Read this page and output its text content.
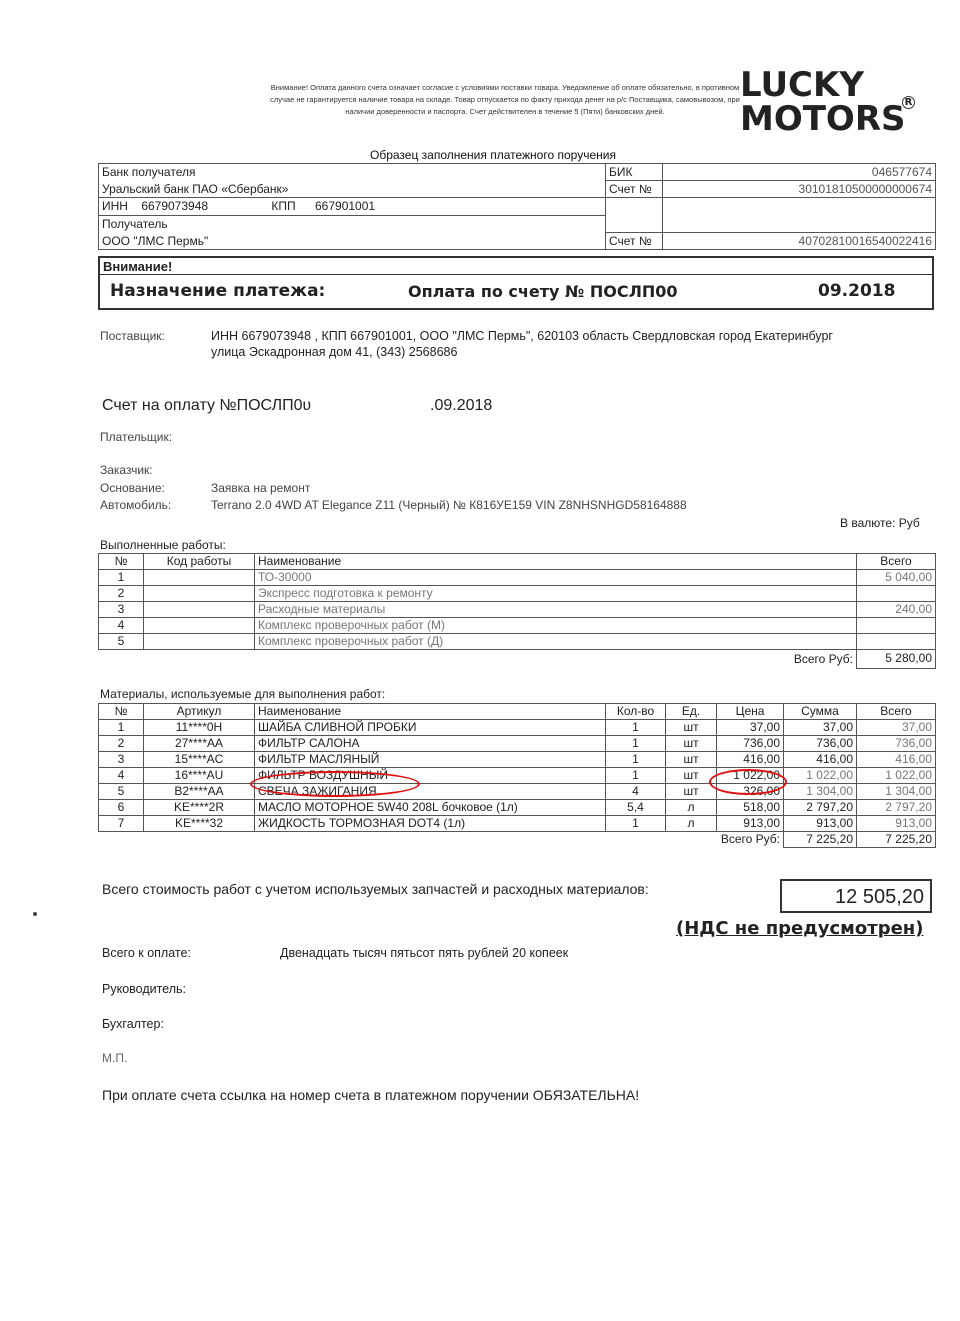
Внимание! Оплата данного счета означает согласие с условиями поставки товара. Уведомление об оплате обязательно, в противном случае не гарантируется наличие товара на складе. Товар отпускается по факту прихода денег на р/с Поставщика, самовывозом, при наличии доверенности и паспорта. Счет действителен в течение 5 (Пяти) банковских дней.
LUCKY
MOTORS R
Образец заполнения платежного поручения
Банк получателя	БИК	046577674
Уральский банк ПАО «Сбербанк»	Счет №	30101810500000000674
ИНН 6679073948 КПП 667901001		
Получатель		
ООО "ЛМС Пермь"	Счет №	40702810016540022416
Внимание!
Назначение платежа:	Оплата по счету № ПОСЛП00	09.2018
Поставщик:	ИНН 6679073948 , КПП 667901001, ООО "ЛМС Пермь", 620103 область Свердловская город Екатеринбург
улица Эскадронная дом 41, (343) 2568686
Счет на оплату №ПОСЛП0ʋ	.09.2018
Плательщик:
Заказчик:
Основание:	Заявка на ремонт
Автомобиль:	Terrano 2.0 4WD AT Elegance Z11 (Черный) № К816УЕ159 VIN Z8NHSNHGD58164888
В валюте: Руб
Выполненные работы:
№	Код работы	Наименование	Всего
1		ТО-30000	5 040,00
2		Экспресс подготовка к ремонту	
3		Расходные материалы	240,00
4		Комплекс проверочных работ (М)	
5		Комплекс проверочных работ (Д)	
Всего Руб:			5 280,00
Материалы, используемые для выполнения работ:
№	Артикул	Наименование	Кол-во	Ед.	Цена	Сумма	Всего
1	11****0H	ШАЙБА СЛИВНОЙ ПРОБКИ	1	шт	37,00	37,00	37,00
2	27****AA	ФИЛЬТР САЛОНА	1	шт	736,00	736,00	736,00
3	15****AC	ФИЛЬТР МАСЛЯНЫЙ	1	шт	416,00	416,00	416,00
4	16****AU	ФИЛЬТР ВОЗДУШНЫЙ	1	шт	1 022,00	1 022,00	1 022,00
5	B2****AA	СВЕЧА ЗАЖИГАНИЯ	4	шт	326,00	1 304,00	1 304,00
6	KE****2R	МАСЛО МОТОРНОЕ 5W40 208L бочковое (1л)	5,4	л	518,00	2 797,20	2 797,20
7	KE****32	ЖИДКОСТЬ ТОРМОЗНАЯ DOT4 (1л)	1	л	913,00	913,00	913,00
Всего Руб:						7 225,20	7 225,20
Всего стоимость работ с учетом используемых запчастей и расходных материалов:	12 505,20
(НДС не предусмотрен)
Всего к оплате:	Двенадцать тысяч пятьсот пять рублей 20 копеек
Руководитель:
Бухгалтер:
М.П.
При оплате счета ссылка на номер счета в платежном поручении ОБЯЗАТЕЛЬНА!
